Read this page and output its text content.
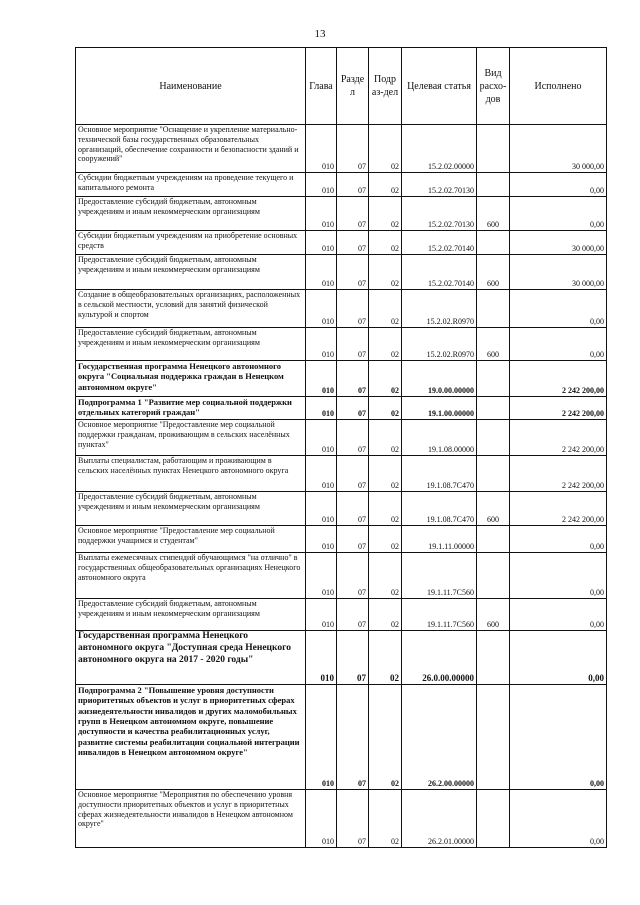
13
Наименование	Глава	Разде л	Подр аз-дел	Целевая статья	Вид расхо- дов	Исполнено
Основное мероприятие "Оснащение и укрепление материально-технической базы государственных образовательных организаций, обеспечение сохранности и безопасности зданий и сооружений"	010	07	02	15.2.02.00000		30 000,00
Субсидии бюджетным учреждениям на проведение текущего и капитального ремонта	010	07	02	15.2.02.70130		0,00
Предоставление субсидий бюджетным, автономным учреждениям и иным некоммерческим организациям	010	07	02	15.2.02.70130	600	0,00
Субсидии бюджетным учреждениям на приобретение основных средств	010	07	02	15.2.02.70140		30 000,00
Предоставление субсидий бюджетным, автономным учреждениям и иным некоммерческим организациям	010	07	02	15.2.02.70140	600	30 000,00
Создание в общеобразовательных организациях, расположенных в сельской местности, условий для занятий физической культурой и спортом	010	07	02	15.2.02.R0970		0,00
Предоставление субсидий бюджетным, автономным учреждениям и иным некоммерческим организациям	010	07	02	15.2.02.R0970	600	0,00
Государственная программа Ненецкого автономного округа "Социальная поддержка граждан в Ненецком автономном округе"	010	07	02	19.0.00.00000		2 242 200,00
Подпрограмма 1 "Развитие мер социальной поддержки отдельных категорий граждан"	010	07	02	19.1.00.00000		2 242 200,00
Основное мероприятие "Предоставление мер социальной поддержки гражданам, проживающим в сельских населённых пунктах"	010	07	02	19.1.08.00000		2 242 200,00
Выплаты специалистам, работающим и проживающим в сельских населённых пунктах Ненецкого автономного округа	010	07	02	19.1.08.7C470		2 242 200,00
Предоставление субсидий бюджетным, автономным учреждениям и иным некоммерческим организациям	010	07	02	19.1.08.7C470	600	2 242 200,00
Основное мероприятие "Предоставление мер социальной поддержки учащимся и студентам"	010	07	02	19.1.11.00000		0,00
Выплаты ежемесячных стипендий обучающимся "на отлично" в государственных общеобразовательных организациях Ненецкого автономного округа	010	07	02	19.1.11.7C560		0,00
Предоставление субсидий бюджетным, автономным учреждениям и иным некоммерческим организациям	010	07	02	19.1.11.7C560	600	0,00
Государственная программа Ненецкого автономного округа "Доступная среда Ненецкого автономного округа на 2017 - 2020 годы"	010	07	02	26.0.00.00000		0,00
Подпрограмма 2 "Повышение уровня доступности приоритетных объектов и услуг в приоритетных сферах жизнедеятельности инвалидов и других маломобильных групп в Ненецком автономном округе, повышение доступности и качества реабилитационных услуг, развитие системы реабилитации социальной интеграции инвалидов в Ненецком автономном округе"	010	07	02	26.2.00.00000		0,00
Основное мероприятие "Мероприятия по обеспечению уровня доступности приоритетных объектов и услуг в приоритетных сферах жизнедеятельности инвалидов в Ненецком автономном округе"	010	07	02	26.2.01.00000		0,00
